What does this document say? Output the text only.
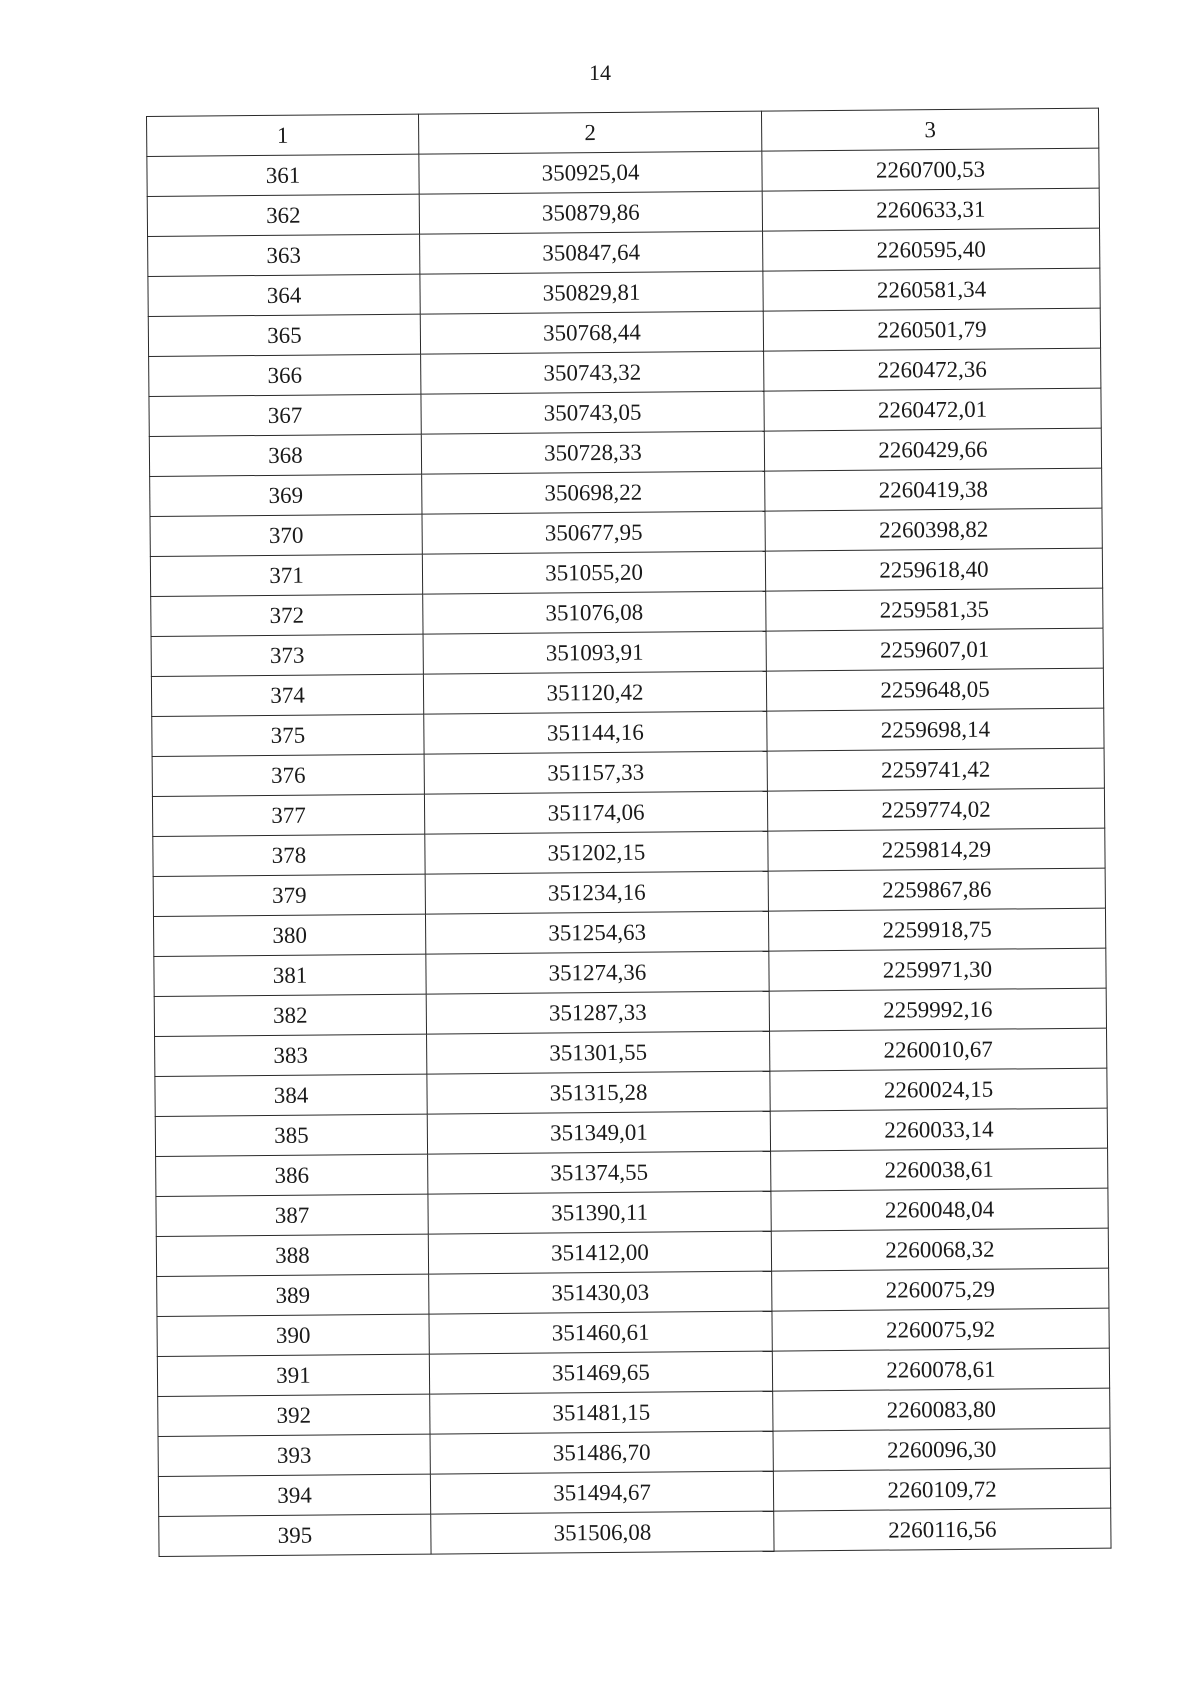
14
1	2	3
361	350925,04	2260700,53
362	350879,86	2260633,31
363	350847,64	2260595,40
364	350829,81	2260581,34
365	350768,44	2260501,79
366	350743,32	2260472,36
367	350743,05	2260472,01
368	350728,33	2260429,66
369	350698,22	2260419,38
370	350677,95	2260398,82
371	351055,20	2259618,40
372	351076,08	2259581,35
373	351093,91	2259607,01
374	351120,42	2259648,05
375	351144,16	2259698,14
376	351157,33	2259741,42
377	351174,06	2259774,02
378	351202,15	2259814,29
379	351234,16	2259867,86
380	351254,63	2259918,75
381	351274,36	2259971,30
382	351287,33	2259992,16
383	351301,55	2260010,67
384	351315,28	2260024,15
385	351349,01	2260033,14
386	351374,55	2260038,61
387	351390,11	2260048,04
388	351412,00	2260068,32
389	351430,03	2260075,29
390	351460,61	2260075,92
391	351469,65	2260078,61
392	351481,15	2260083,80
393	351486,70	2260096,30
394	351494,67	2260109,72
395	351506,08	2260116,56
